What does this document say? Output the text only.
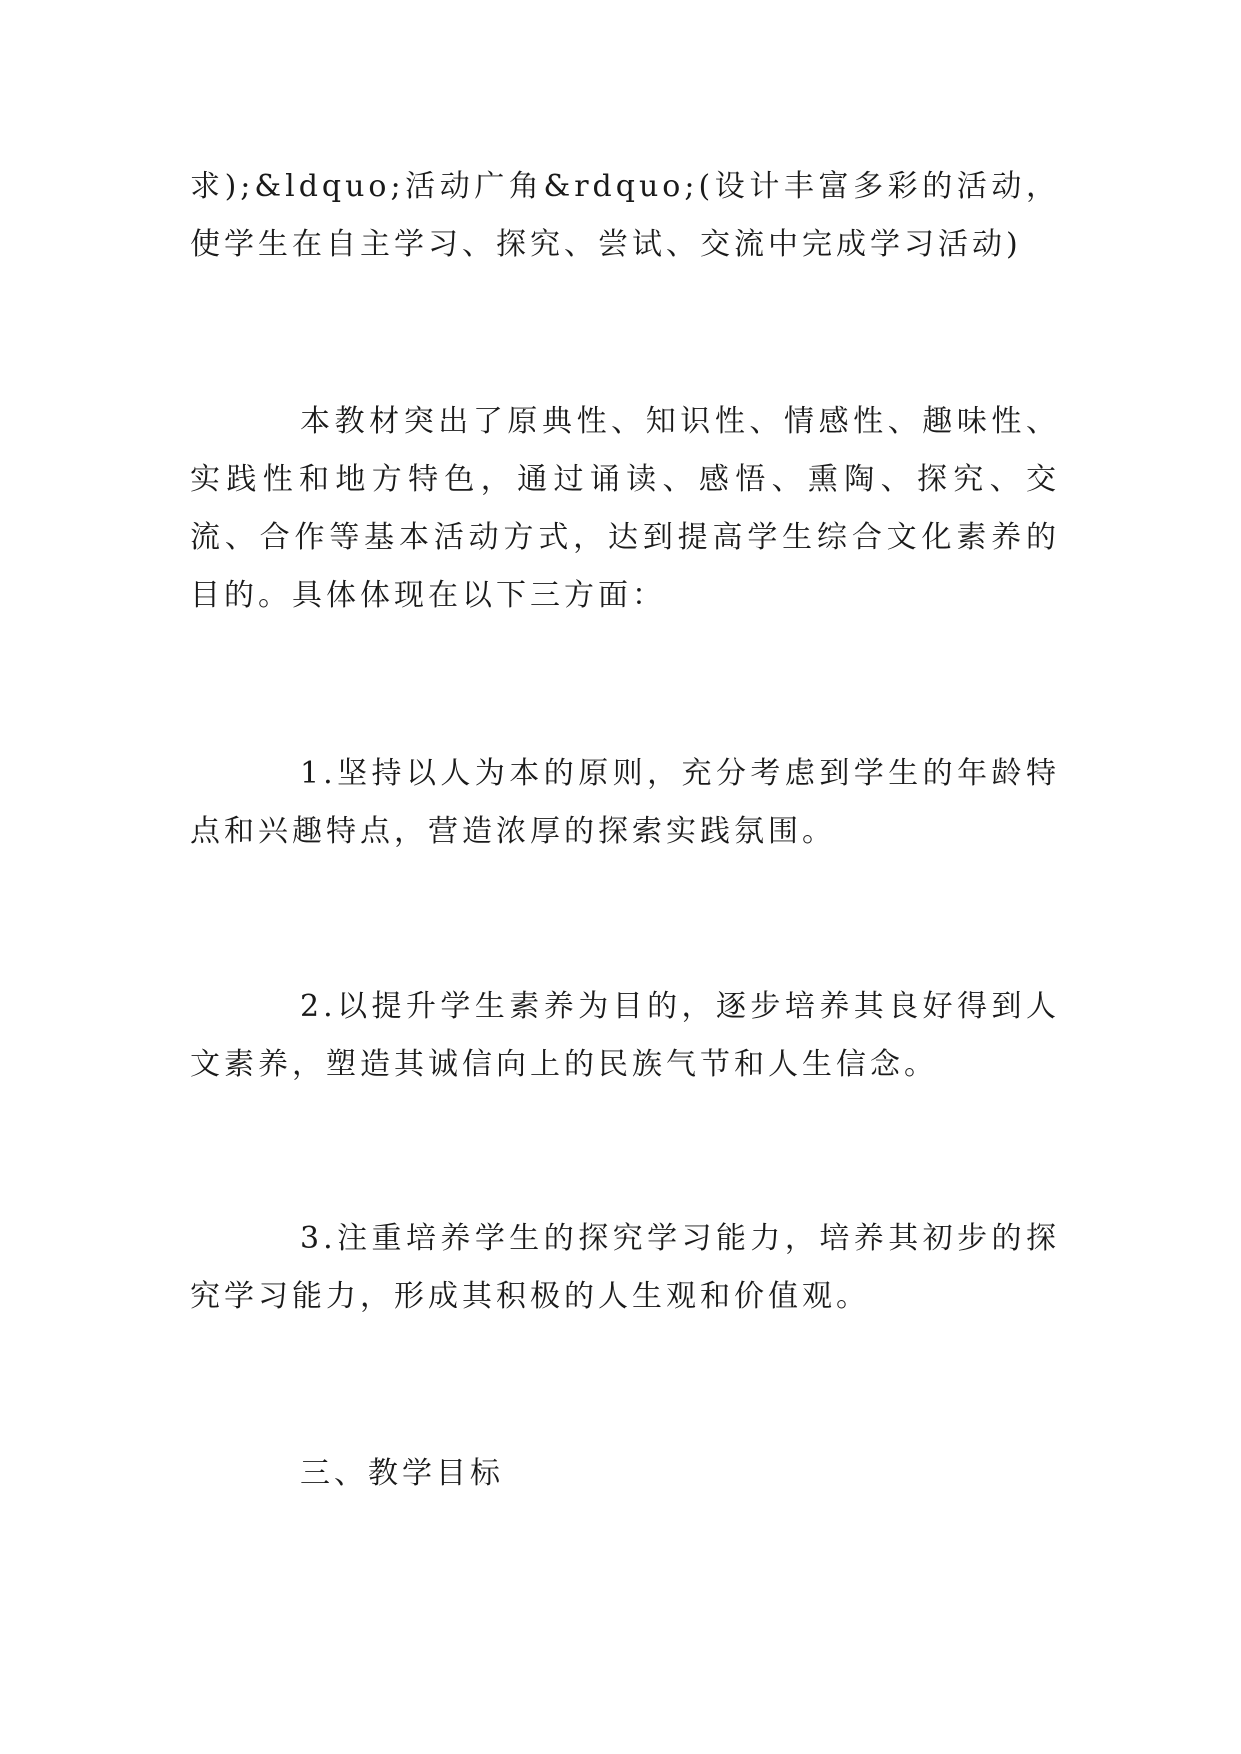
求);&ldquo;活动广角&rdquo;(设计丰富多彩的活动，使学生在自主学习、探究、尝试、交流中完成学习活动)

本教材突出了原典性、知识性、情感性、趣味性、实践性和地方特色，通过诵读、感悟、熏陶、探究、交流、合作等基本活动方式，达到提高学生综合文化素养的目的。具体体现在以下三方面：

1.坚持以人为本的原则，充分考虑到学生的年龄特点和兴趣特点，营造浓厚的探索实践氛围。

2.以提升学生素养为目的，逐步培养其良好得到人文素养，塑造其诚信向上的民族气节和人生信念。

3.注重培养学生的探究学习能力，培养其初步的探究学习能力，形成其积极的人生观和价值观。

三、教学目标
